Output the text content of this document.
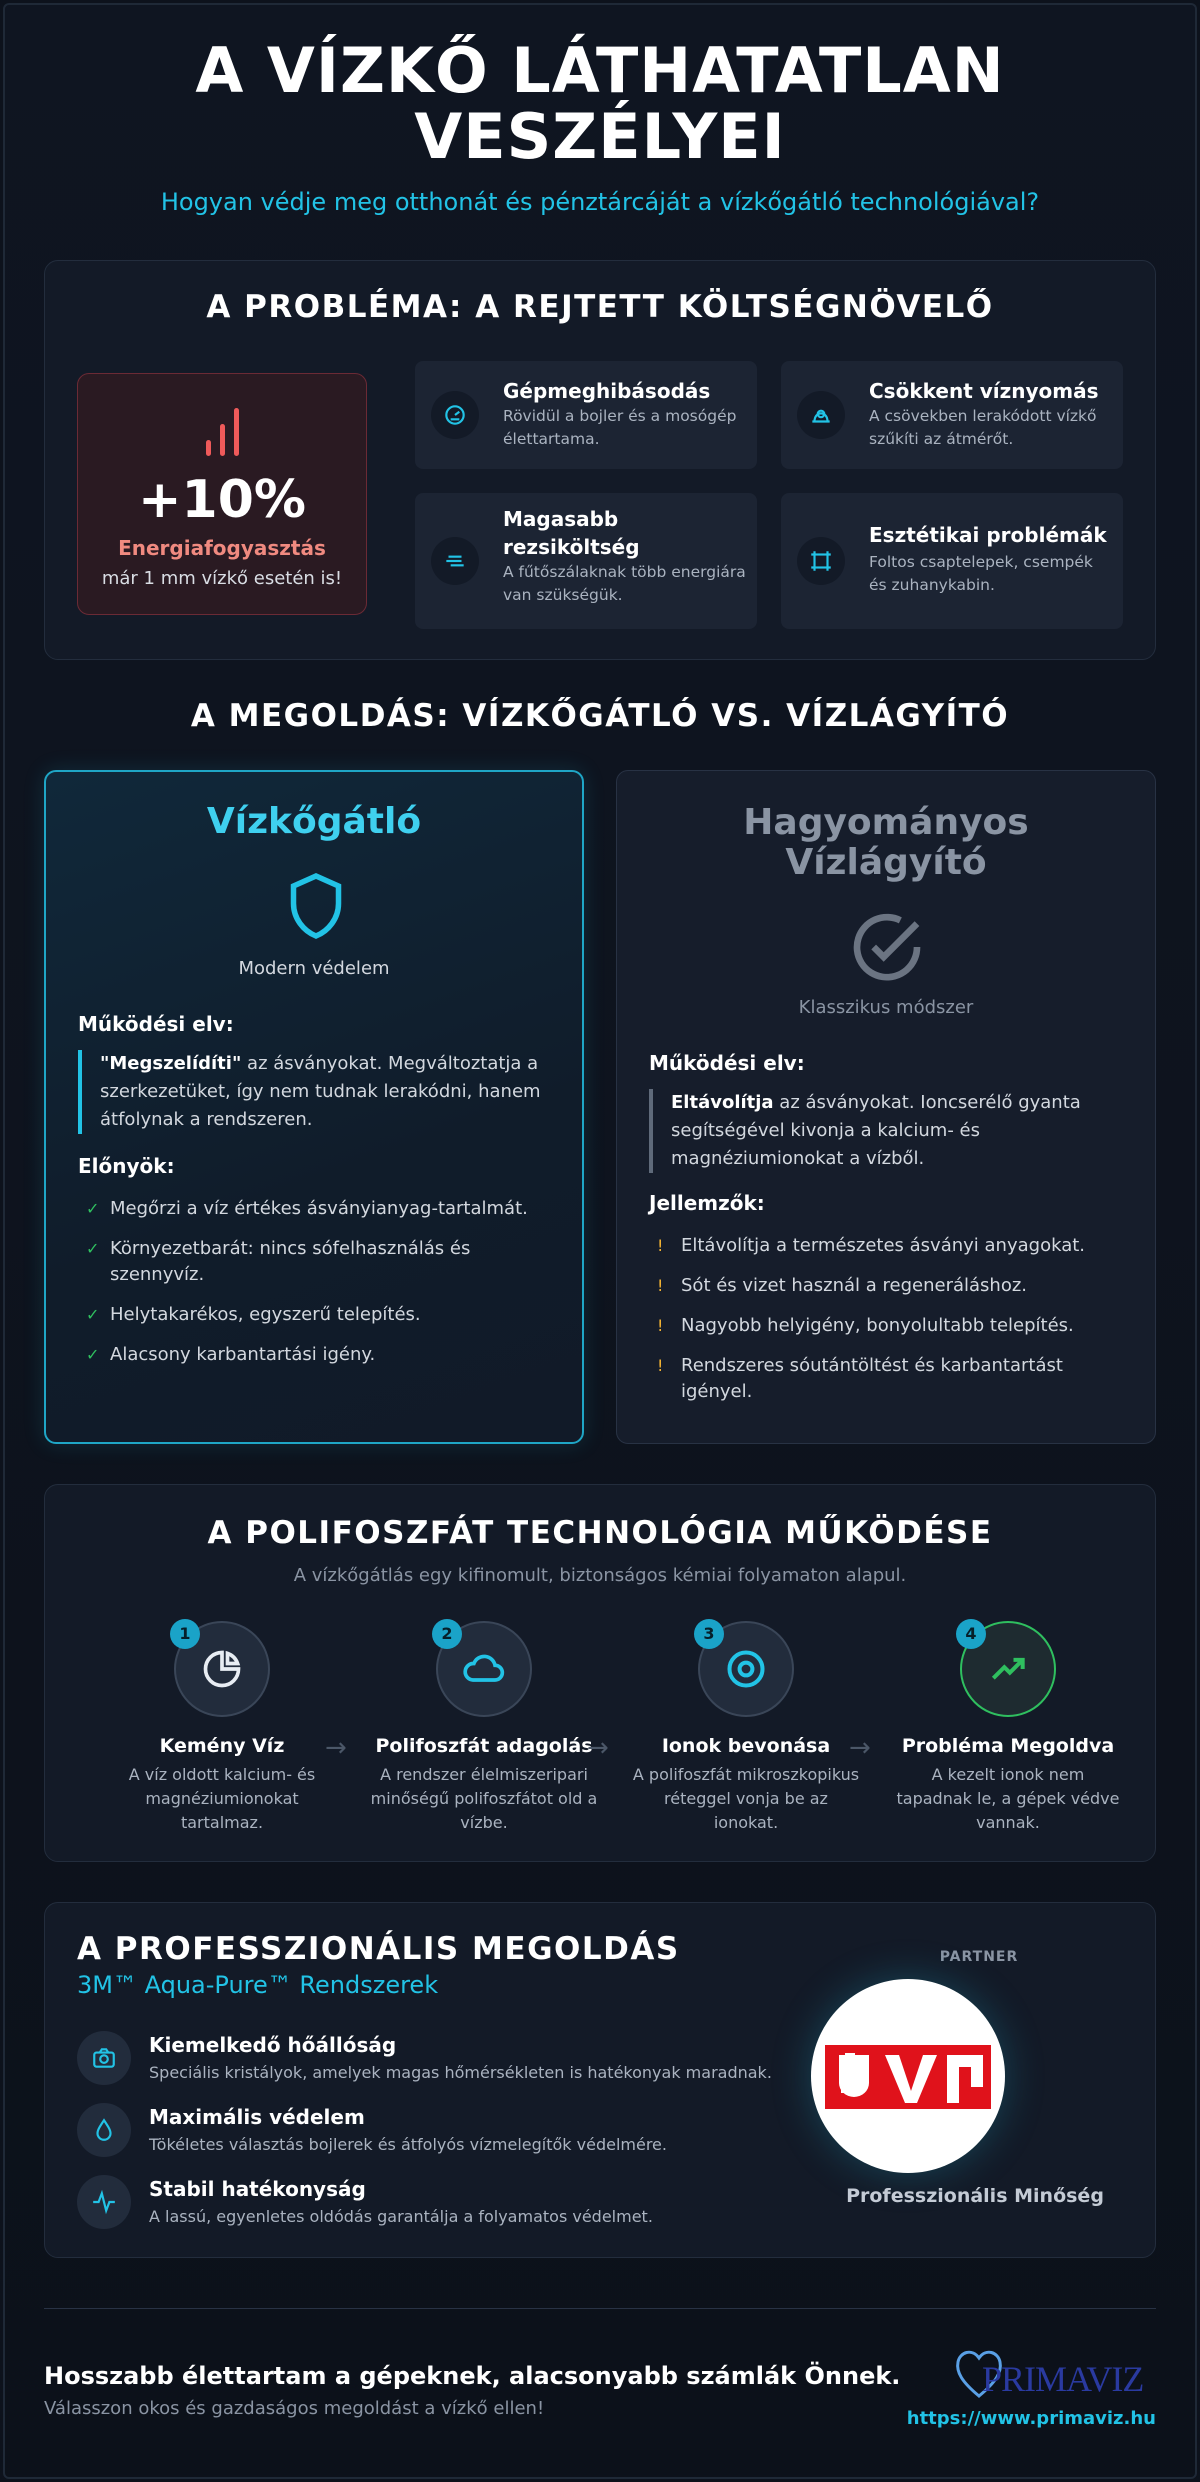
A VÍZKŐ LÁTHATATLAN
VESZÉLYEI
Hogyan védje meg otthonát és pénztárcáját a vízkőgátló technológiával?
A PROBLÉMA: A REJTETT KÖLTSÉGNÖVELŐ
+10%
Energiafogyasztás
már 1 mm vízkő esetén is!
Gépmeghibásodás
Rövidül a bojler és a mosógép élettartama.
Csökkent víznyomás
A csövekben lerakódott vízkő szűkíti az átmérőt.
Magasabb rezsiköltség
A fűtőszálaknak több energiára van szükségük.
Esztétikai problémák
Foltos csaptelepek, csempék és zuhanykabin.
A MEGOLDÁS: VÍZKŐGÁTLÓ VS. VÍZLÁGYÍTÓ
Vízkőgátló
Modern védelem
Működési elv:
"Megszelídíti" az ásványokat. Megváltoztatja a szerkezetüket, így nem tudnak lerakódni, hanem átfolynak a rendszeren.
Előnyök:
✓ Megőrzi a víz értékes ásványianyag-tartalmát.
✓ Környezetbarát: nincs sófelhasználás és szennyvíz.
✓ Helytakarékos, egyszerű telepítés.
✓ Alacsony karbantartási igény.
Hagyományos
Vízlágyító
Klasszikus módszer
Működési elv:
Eltávolítja az ásványokat. Ioncserélő gyanta segítségével kivonja a kalcium- és magnéziumionokat a vízből.
Jellemzők:
! Eltávolítja a természetes ásványi anyagokat.
! Sót és vizet használ a regeneráláshoz.
! Nagyobb helyigény, bonyolultabb telepítés.
! Rendszeres sóutántöltést és karbantartást igényel.
A POLIFOSZFÁT TECHNOLÓGIA MŰKÖDÉSE
A vízkőgátlás egy kifinomult, biztonságos kémiai folyamaton alapul.
1
Kemény Víz
A víz oldott kalcium- és magnéziumionokat tartalmaz.
→
2
Polifoszfát adagolás
A rendszer élelmiszeripari minőségű polifoszfátot old a vízbe.
→
3
Ionok bevonása
A polifoszfát mikroszkopikus réteggel vonja be az ionokat.
→
4
Probléma Megoldva
A kezelt ionok nem tapadnak le, a gépek védve vannak.
A PROFESSZIONÁLIS MEGOLDÁS
3M™ Aqua-Pure™ Rendszerek
Kiemelkedő hőállóság
Speciális kristályok, amelyek magas hőmérsékleten is hatékonyak maradnak.
Maximális védelem
Tökéletes választás bojlerek és átfolyós vízmelegítők védelmére.
Stabil hatékonyság
A lassú, egyenletes oldódás garantálja a folyamatos védelmet.
PARTNER
Professzionális Minőség
Hosszabb élettartam a gépeknek, alacsonyabb számlák Önnek.
Válasszon okos és gazdaságos megoldást a vízkő ellen!
PRIMAVIZ
https://www.primaviz.hu
